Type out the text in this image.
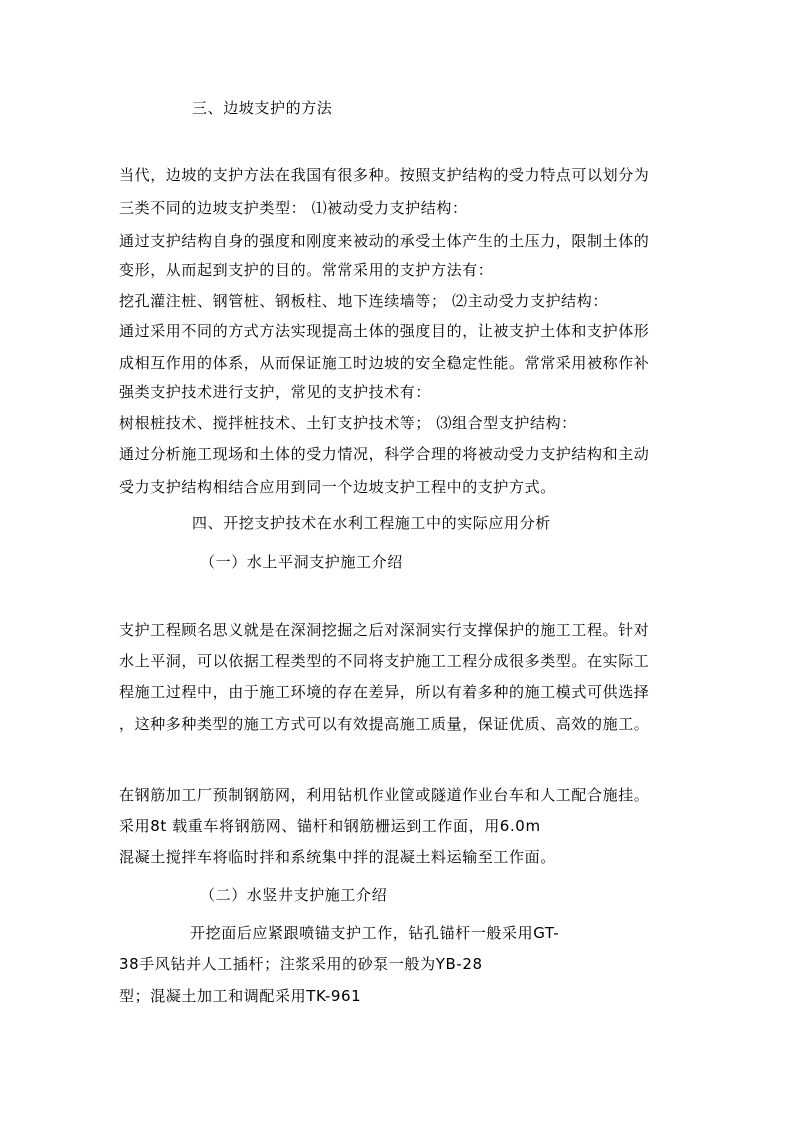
三、边坡支护的方法
当代，边坡的支护方法在我国有很多种。按照支护结构的受力特点可以划分为
三类不同的边坡支护类型： ⑴被动受力支护结构：
通过支护结构自身的强度和刚度来被动的承受土体产生的土压力，限制土体的
变形，从而起到支护的目的。常常采用的支护方法有：
挖孔灌注桩、钢管桩、钢板柱、地下连续墙等； ⑵主动受力支护结构：
通过采用不同的方式方法实现提高土体的强度目的，让被支护土体和支护体形
成相互作用的体系，从而保证施工时边坡的安全稳定性能。常常采用被称作补
强类支护技术进行支护，常见的支护技术有：
树根桩技术、搅拌桩技术、土钉支护技术等； ⑶组合型支护结构：
通过分析施工现场和土体的受力情况，科学合理的将被动受力支护结构和主动
受力支护结构相结合应用到同一个边坡支护工程中的支护方式。
四、开挖支护技术在水利工程施工中的实际应用分析
（一）水上平洞支护施工介绍
支护工程顾名思义就是在深洞挖掘之后对深洞实行支撑保护的施工工程。针对
水上平洞，可以依据工程类型的不同将支护施工工程分成很多类型。在实际工
程施工过程中，由于施工环境的存在差异，所以有着多种的施工模式可供选择
，这种多种类型的施工方式可以有效提高施工质量，保证优质、高效的施工。
在钢筋加工厂预制钢筋网，利用钻机作业筐或隧道作业台车和人工配合施挂。
采用8t 载重车将钢筋网、锚杆和钢筋栅运到工作面，用6.0m
混凝土搅拌车将临时拌和系统集中拌的混凝土料运输至工作面。
（二）水竖井支护施工介绍
开挖面后应紧跟喷锚支护工作，钻孔锚杆一般采用GT-
38手风钻并人工插杆；注浆采用的砂泵一般为YB-28
型；混凝土加工和调配采用TK-961
